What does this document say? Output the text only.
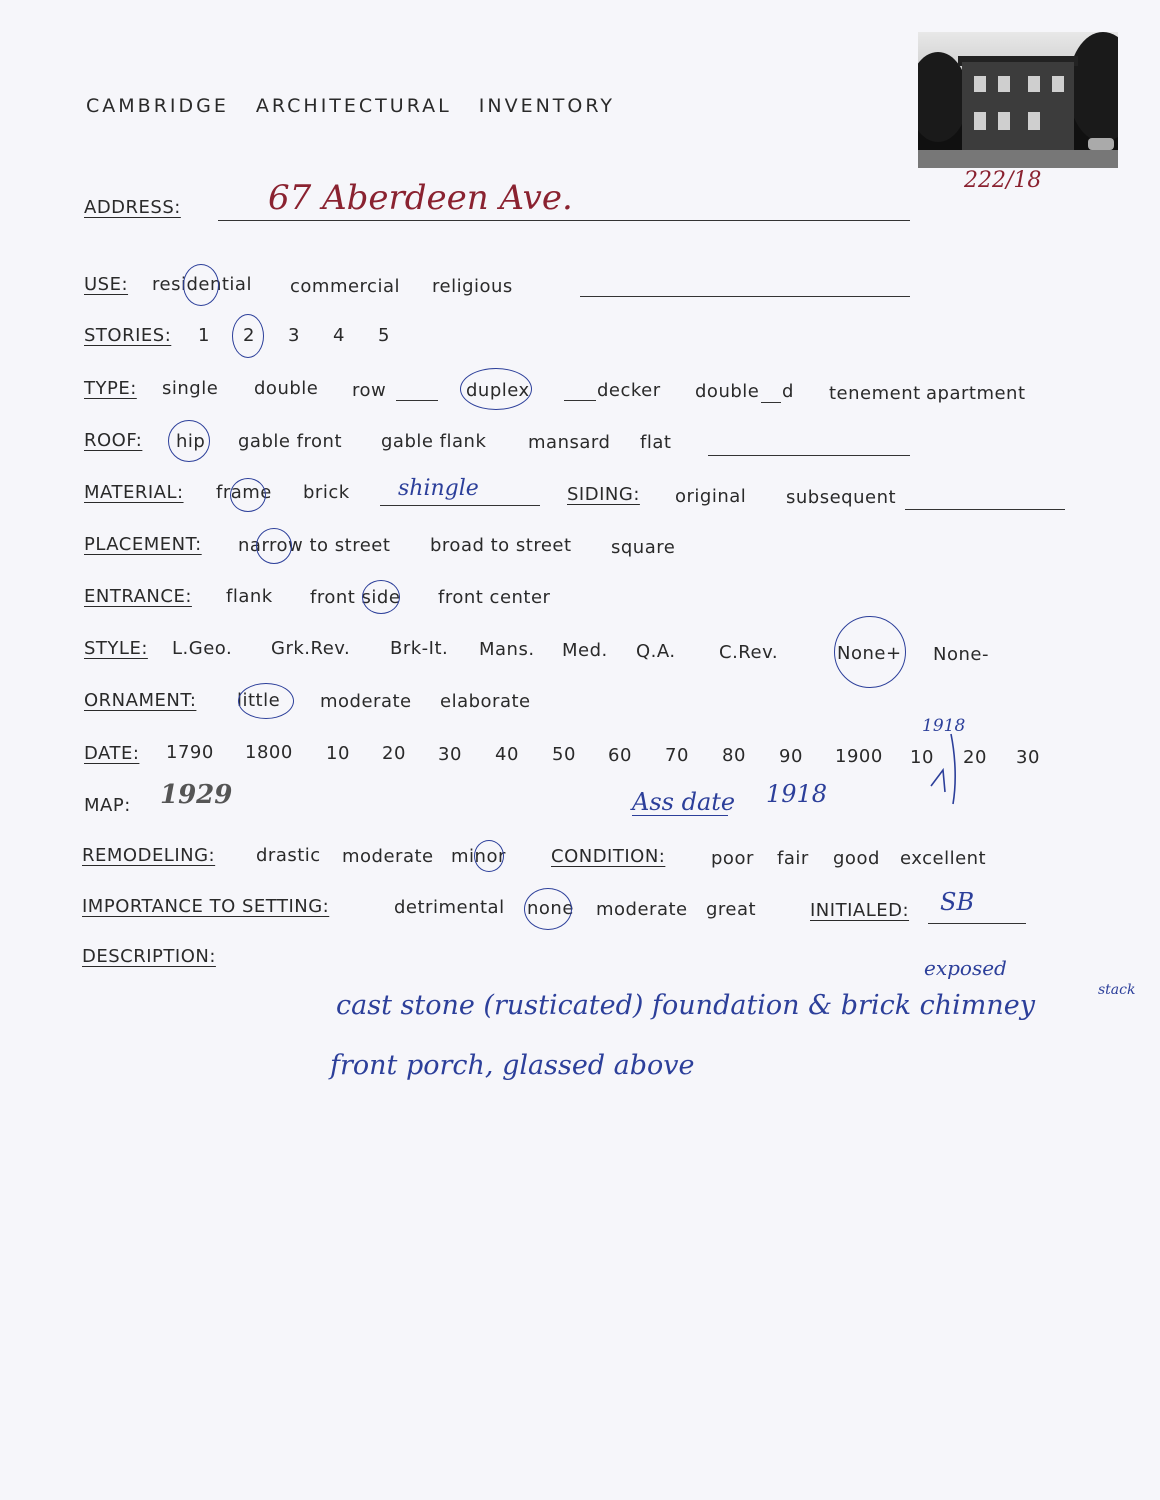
CAMBRIDGE ARCHITECTURAL INVENTORY
222/18
ADDRESS:	67 Aberdeen Ave.
USE: residential commercial religious
STORIES: 1 2 3 4 5
TYPE: single double row	duplex	decker double d tenement apartment
ROOF: hip gable front gable flank mansard flat
MATERIAL: frame brick shingle	SIDING: original subsequent
PLACEMENT: narrow to street broad to street square
ENTRANCE: flank front side front center
STYLE: L.Geo. Grk.Rev. Brk-It. Mans. Med. Q.A. C.Rev.	None+ None-
ORNAMENT: little moderate elaborate
DATE: 1790 1800 10 20 30 40 50 60 70 80 90 1900 10 20 30
1918
MAP: 1929	Ass date 1918
REMODELING: drastic moderate minor	CONDITION:	poor fair good excellent
IMPORTANCE TO SETTING:	detrimental none moderate great	INITIALED: SB
DESCRIPTION:
cast stone (rusticated) foundation & brick chimney
exposed
stack
front porch, glassed above
